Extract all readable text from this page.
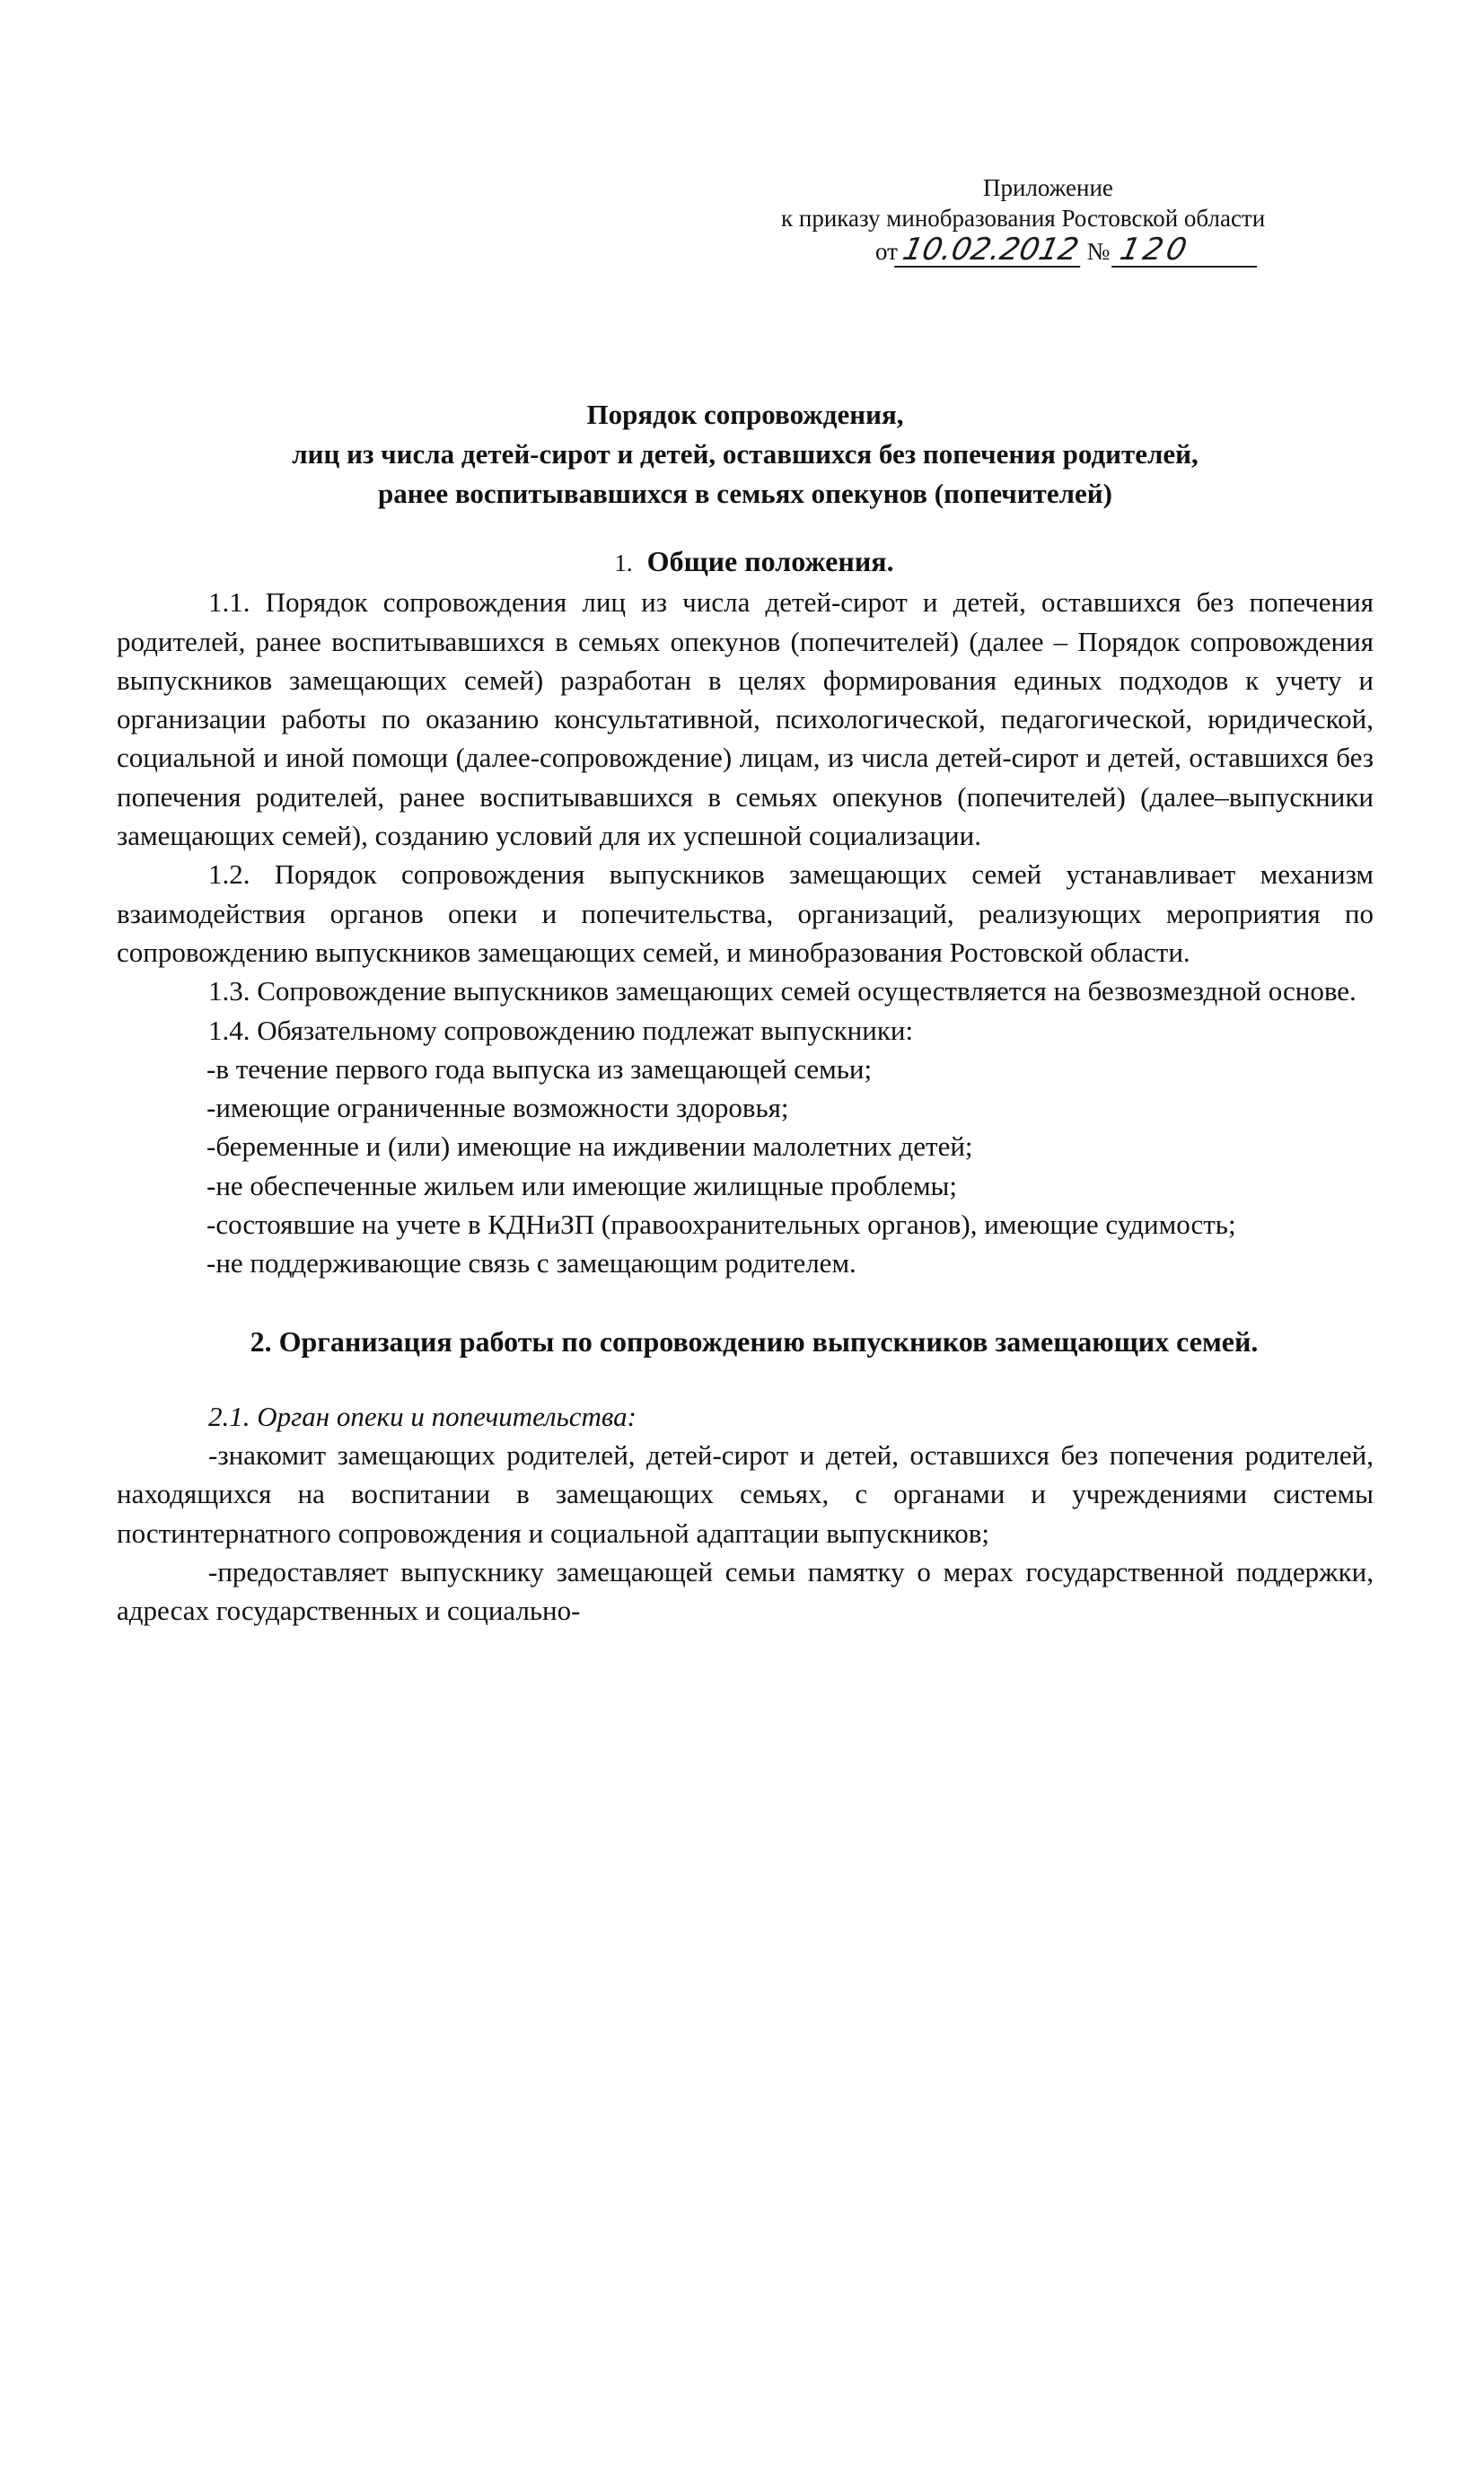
Приложение
к приказу минобразования Ростовской области
от 10.02.2012 № 120
Порядок сопровождения,
лиц из числа детей-сирот и детей, оставшихся без попечения родителей,
ранее воспитывавшихся в семьях опекунов (попечителей)

1. Общие положения.

1.1. Порядок сопровождения лиц из числа детей-сирот и детей, оставшихся без попечения родителей, ранее воспитывавшихся в семьях опекунов (попечителей) (далее – Порядок сопровождения выпускников замещающих семей) разработан в целях формирования единых подходов к учету и организации работы по оказанию консультативной, психологической, педагогической, юридической, социальной и иной помощи (далее-сопровождение) лицам, из числа детей-сирот и детей, оставшихся без попечения родителей, ранее воспитывавшихся в семьях опекунов (попечителей) (далее–выпускники замещающих семей), созданию условий для их успешной социализации.

1.2. Порядок сопровождения выпускников замещающих семей устанавливает механизм взаимодействия органов опеки и попечительства, организаций, реализующих мероприятия по сопровождению выпускников замещающих семей, и минобразования Ростовской области.

1.3. Сопровождение выпускников замещающих семей осуществляется на безвозмездной основе.

1.4. Обязательному сопровождению подлежат выпускники:

-в течение первого года выпуска из замещающей семьи;

-имеющие ограниченные возможности здоровья;

-беременные и (или) имеющие на иждивении малолетних детей;

-не обеспеченные жильем или имеющие жилищные проблемы;

-состоявшие на учете в КДНиЗП (правоохранительных органов), имеющие судимость;

-не поддерживающие связь с замещающим родителем.

2. Организация работы по сопровождению выпускников замещающих семей.

2.1. Орган опеки и попечительства:

-знакомит замещающих родителей, детей-сирот и детей, оставшихся без попечения родителей, находящихся на воспитании в замещающих семьях, с органами и учреждениями системы постинтернатного сопровождения и социальной адаптации выпускников;

-предоставляет выпускнику замещающей семьи памятку о мерах государственной поддержки, адресах государственных и социально-
